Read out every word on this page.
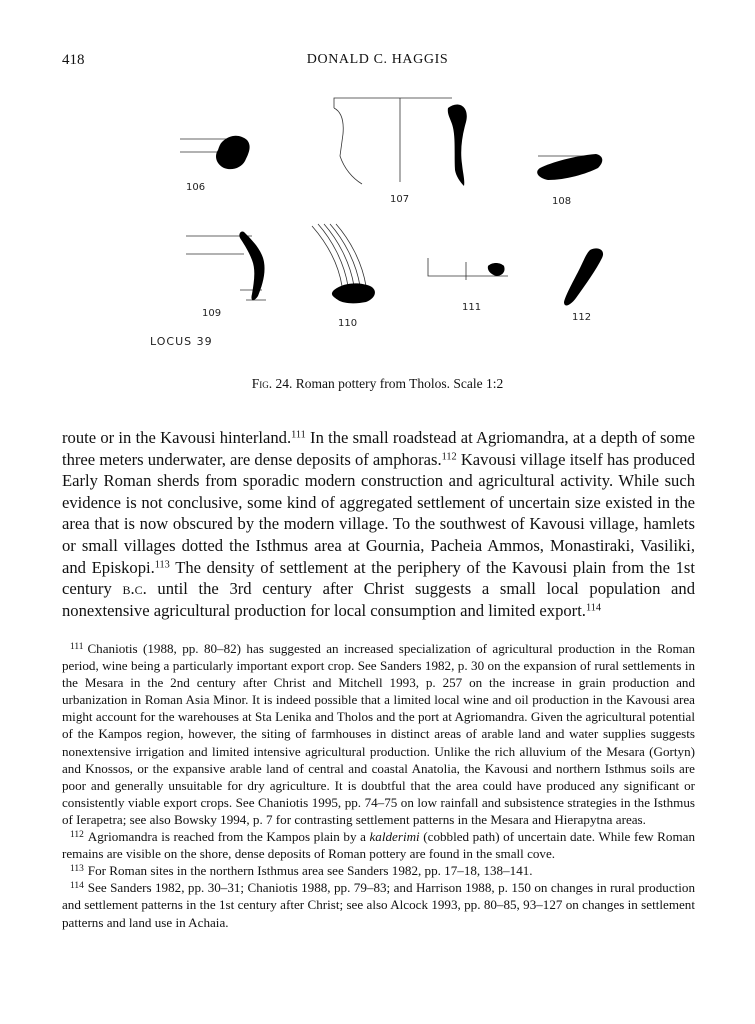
418	DONALD C. HAGGIS
106
107	108
109
110
111
112
LOCUS 39
Fig. 24. Roman pottery from Tholos. Scale 1:2
route or in the Kavousi hinterland.$^{111}$ In the small roadstead at Agriomandra, at a depth of some three meters underwater, are dense deposits of amphoras.$^{112}$ Kavousi village itself has produced Early Roman sherds from sporadic modern construction and agricultural activity. While such evidence is not conclusive, some kind of aggregated settlement of uncertain size existed in the area that is now obscured by the modern village. To the southwest of Kavousi village, hamlets or small villages dotted the Isthmus area at Gournia, Pacheia Ammos, Monastiraki, Vasiliki, and Episkopi.$^{113}$ The density of settlement at the periphery of the Kavousi plain from the 1st century b.c. until the 3rd century after Christ suggests a small local population and nonextensive agricultural production for local consumption and limited export.$^{114}$

$^{111}$ Chaniotis (1988, pp. 80–82) has suggested an increased specialization of agricultural production in the Roman period, wine being a particularly important export crop. See Sanders 1982, p. 30 on the expansion of rural settlements in the Mesara in the 2nd century after Christ and Mitchell 1993, p. 257 on the increase in grain production and urbanization in Roman Asia Minor. It is indeed possible that a limited local wine and oil production in the Kavousi area might account for the warehouses at Sta Lenika and Tholos and the port at Agriomandra. Given the agricultural potential of the Kampos region, however, the siting of farmhouses in distinct areas of arable land and water supplies suggests nonextensive irrigation and limited intensive agricultural production. Unlike the rich alluvium of the Mesara (Gortyn) and Knossos, or the expansive arable land of central and coastal Anatolia, the Kavousi and northern Isthmus soils are poor and generally unsuitable for dry agriculture. It is doubtful that the area could have produced any significant or consistently viable export crops. See Chaniotis 1995, pp. 74–75 on low rainfall and subsistence strategies in the Isthmus of Ierapetra; see also Bowsky 1994, p. 7 for contrasting settlement patterns in the Mesara and Hierapytna areas.

$^{112}$ Agriomandra is reached from the Kampos plain by a kalderimi (cobbled path) of uncertain date. While few Roman remains are visible on the shore, dense deposits of Roman pottery are found in the small cove.

$^{113}$ For Roman sites in the northern Isthmus area see Sanders 1982, pp. 17–18, 138–141.

$^{114}$ See Sanders 1982, pp. 30–31; Chaniotis 1988, pp. 79–83; and Harrison 1988, p. 150 on changes in rural production and settlement patterns in the 1st century after Christ; see also Alcock 1993, pp. 80–85, 93–127 on changes in settlement patterns and land use in Achaia.
